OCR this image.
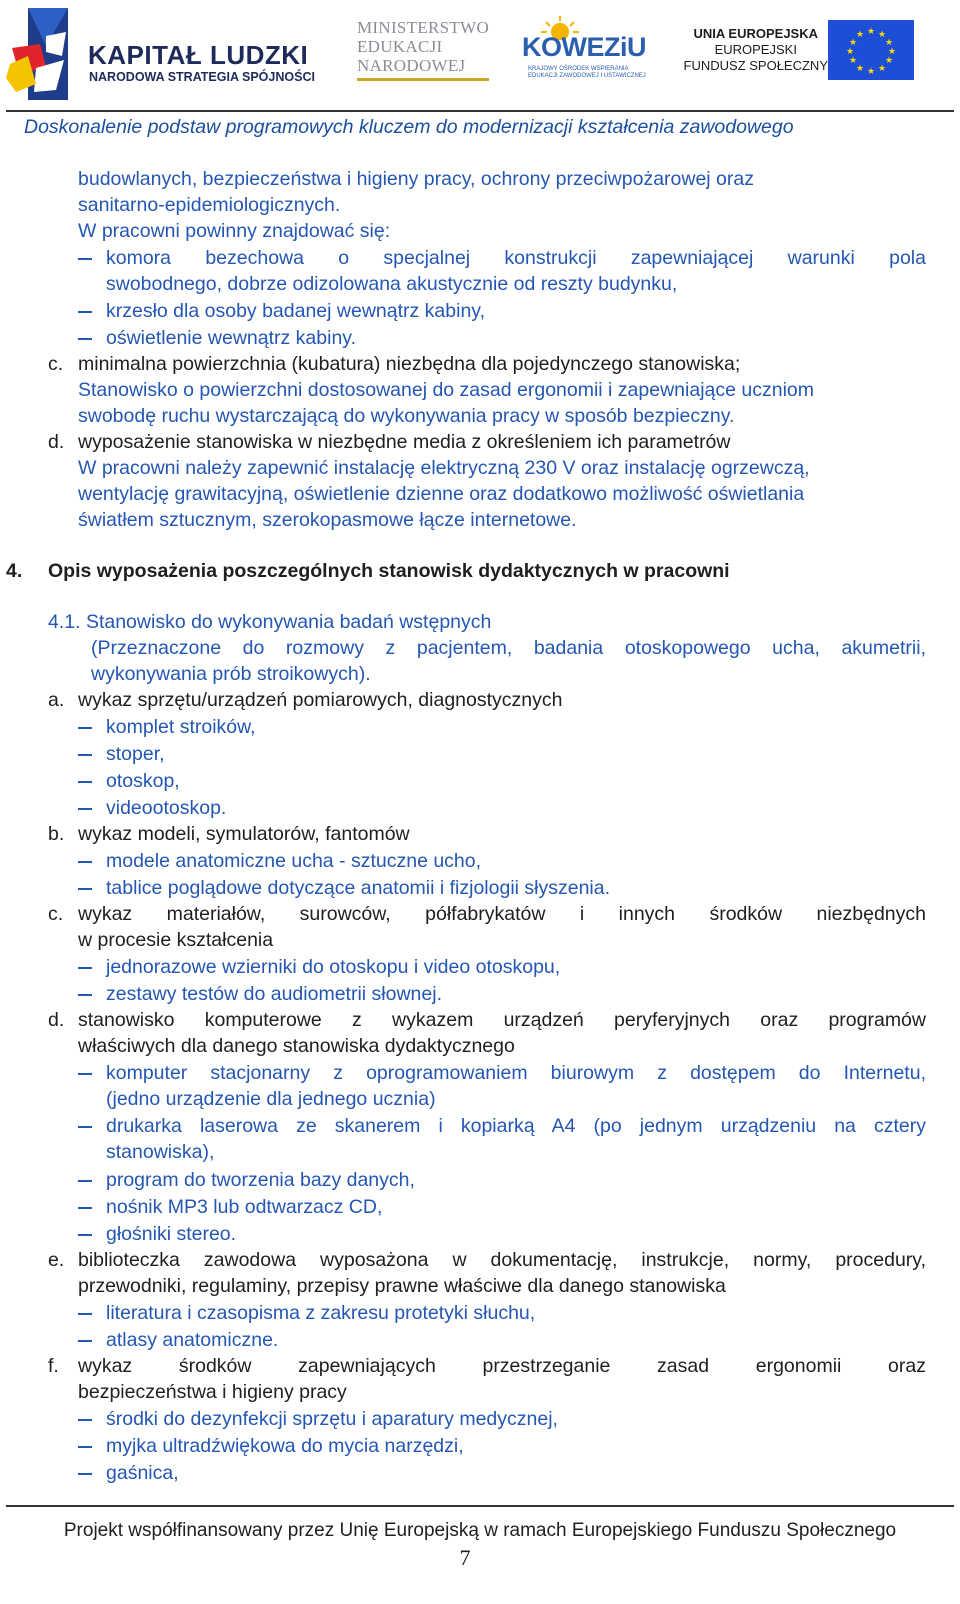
KAPITAŁ LUDZKI
NARODOWA STRATEGIA SPÓJNOŚCI
MINISTERSTWO
EDUKACJI
NARODOWEJ
KOWEZiU
KRAJOWY OŚRODEK WSPIERANIA
EDUKACJI ZAWODOWEJ I USTAWICZNEJ
UNIA EUROPEJSKA
EUROPEJSKI
FUNDUSZ SPOŁECZNY
★ ★
★
★
★
★
★
★
★
★
★
★
Doskonalenie podstaw programowych kluczem do modernizacji kształcenia zawodowego
budowlanych, bezpieczeństwa i higieny pracy, ochrony przeciwpożarowej oraz
sanitarno-epidemiologicznych.
W pracowni powinny znajdować się:
komora bezechowa o specjalnej konstrukcji zapewniającej warunki pola
swobodnego, dobrze odizolowana akustycznie od reszty budynku,
krzesło dla osoby badanej wewnątrz kabiny,
oświetlenie wewnątrz kabiny.
c. minimalna powierzchnia (kubatura) niezbędna dla pojedynczego stanowiska;
Stanowisko o powierzchni dostosowanej do zasad ergonomii i zapewniające uczniom
swobodę ruchu wystarczającą do wykonywania pracy w sposób bezpieczny.
d. wyposażenie stanowiska w niezbędne media z określeniem ich parametrów
W pracowni należy zapewnić instalację elektryczną 230 V oraz instalację ogrzewczą,
wentylację grawitacyjną, oświetlenie dzienne oraz dodatkowo możliwość oświetlania
światłem sztucznym, szerokopasmowe łącze internetowe.
4. Opis wyposażenia poszczególnych stanowisk dydaktycznych w pracowni
4.1. Stanowisko do wykonywania badań wstępnych
(Przeznaczone do rozmowy z pacjentem, badania otoskopowego ucha, akumetrii,
wykonywania prób stroikowych).
a. wykaz sprzętu/urządzeń pomiarowych, diagnostycznych
komplet stroików,
stoper,
otoskop,
videootoskop.
b. wykaz modeli, symulatorów, fantomów
modele anatomiczne ucha - sztuczne ucho,
tablice poglądowe dotyczące anatomii i fizjologii słyszenia.
c. wykaz materiałów, surowców, półfabrykatów i innych środków niezbędnych
w procesie kształcenia
jednorazowe wzierniki do otoskopu i video otoskopu,
zestawy testów do audiometrii słownej.
d. stanowisko komputerowe z wykazem urządzeń peryferyjnych oraz programów
właściwych dla danego stanowiska dydaktycznego
komputer stacjonarny z oprogramowaniem biurowym z dostępem do Internetu,
(jedno urządzenie dla jednego ucznia)
drukarka laserowa ze skanerem i kopiarką A4 (po jednym urządzeniu na cztery
stanowiska),
program do tworzenia bazy danych,
nośnik MP3 lub odtwarzacz CD,
głośniki stereo.
e. biblioteczka zawodowa wyposażona w dokumentację, instrukcje, normy, procedury,
przewodniki, regulaminy, przepisy prawne właściwe dla danego stanowiska
literatura i czasopisma z zakresu protetyki słuchu,
atlasy anatomiczne.
f. wykaz środków zapewniających przestrzeganie zasad ergonomii oraz
bezpieczeństwa i higieny pracy
środki do dezynfekcji sprzętu i aparatury medycznej,
myjka ultradźwiękowa do mycia narzędzi,
gaśnica,
Projekt współfinansowany przez Unię Europejską w ramach Europejskiego Funduszu Społecznego
7
